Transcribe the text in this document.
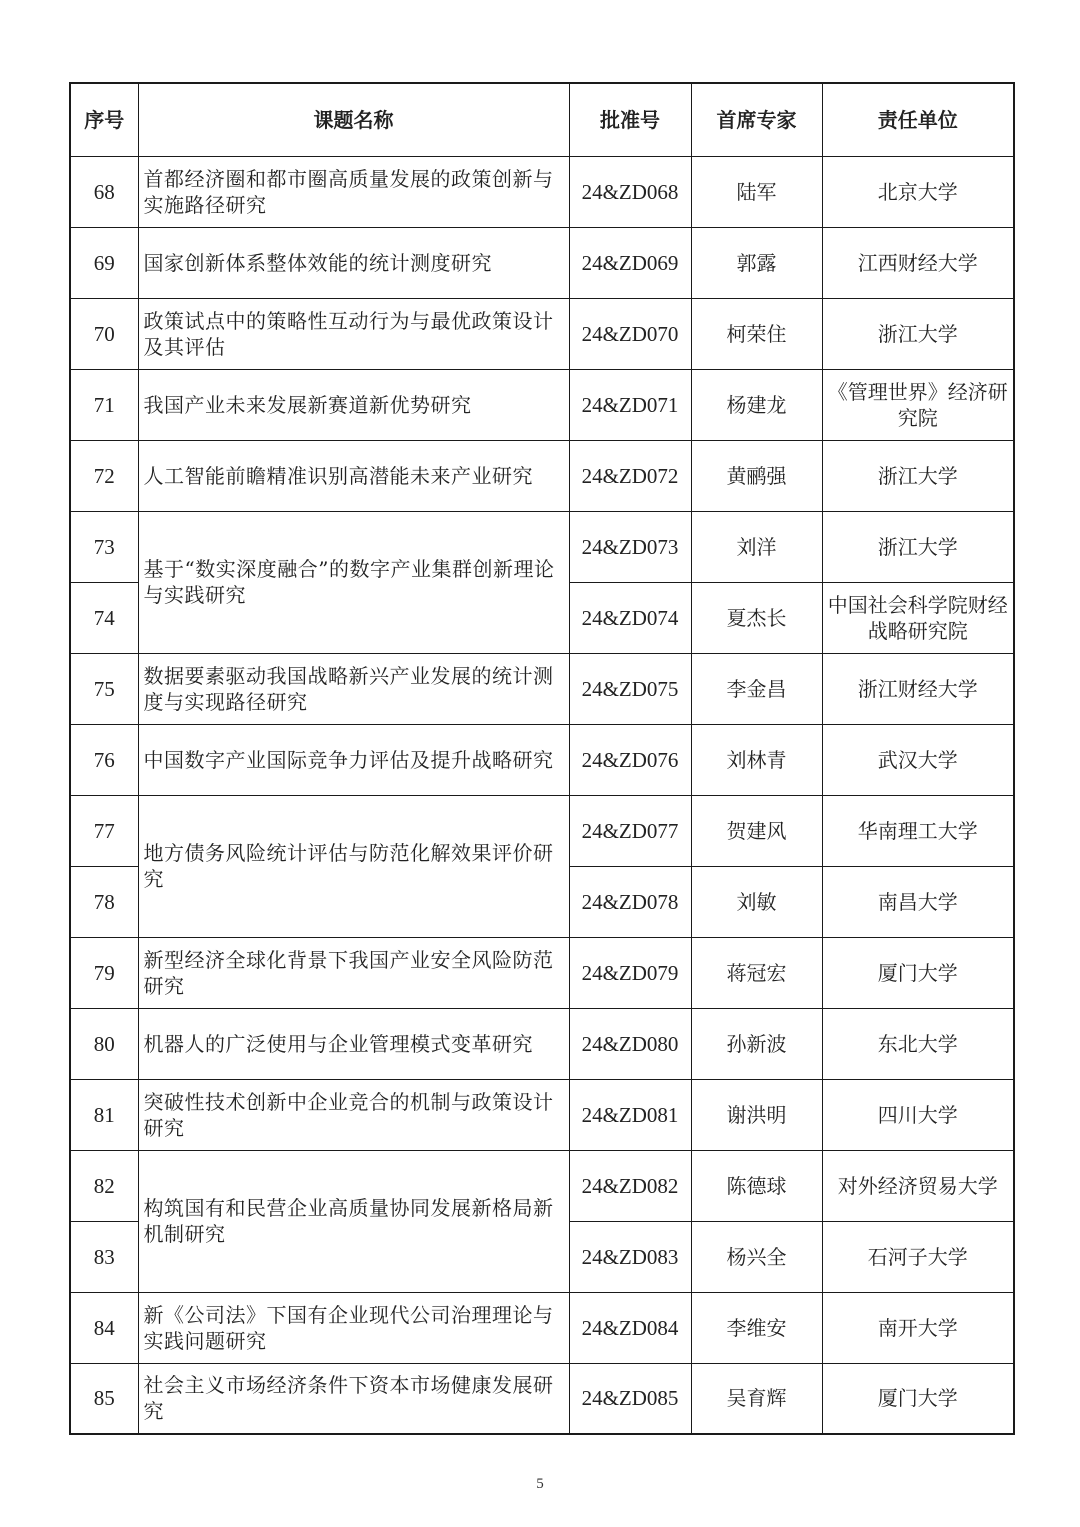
序号	课题名称	批准号	首席专家	责任单位
68	首都经济圈和都市圈高质量发展的政策创新与实施路径研究	24&ZD068	陆军	北京大学
69	国家创新体系整体效能的统计测度研究	24&ZD069	郭露	江西财经大学
70	政策试点中的策略性互动行为与最优政策设计及其评估	24&ZD070	柯荣住	浙江大学
71	我国产业未来发展新赛道新优势研究	24&ZD071	杨建龙	《管理世界》经济研究院
72	人工智能前瞻精准识别高潜能未来产业研究	24&ZD072	黄鹂强	浙江大学
73	基于“数实深度融合”的数字产业集群创新理论与实践研究	24&ZD073	刘洋	浙江大学
74		24&ZD074	夏杰长	中国社会科学院财经战略研究院
75	数据要素驱动我国战略新兴产业发展的统计测度与实现路径研究	24&ZD075	李金昌	浙江财经大学
76	中国数字产业国际竞争力评估及提升战略研究	24&ZD076	刘林青	武汉大学
77	地方债务风险统计评估与防范化解效果评价研究	24&ZD077	贺建风	华南理工大学
78		24&ZD078	刘敏	南昌大学
79	新型经济全球化背景下我国产业安全风险防范研究	24&ZD079	蒋冠宏	厦门大学
80	机器人的广泛使用与企业管理模式变革研究	24&ZD080	孙新波	东北大学
81	突破性技术创新中企业竞合的机制与政策设计研究	24&ZD081	谢洪明	四川大学
82	构筑国有和民营企业高质量协同发展新格局新机制研究	24&ZD082	陈德球	对外经济贸易大学
83		24&ZD083	杨兴全	石河子大学
84	新《公司法》下国有企业现代公司治理理论与实践问题研究	24&ZD084	李维安	南开大学
85	社会主义市场经济条件下资本市场健康发展研究	24&ZD085	吴育辉	厦门大学
5
